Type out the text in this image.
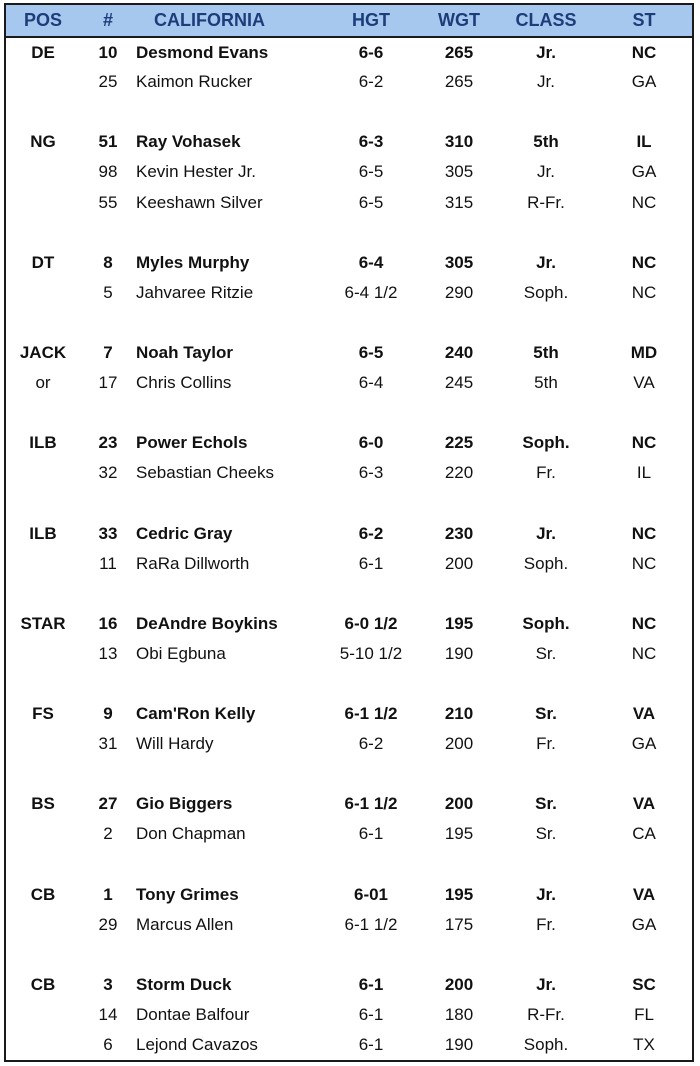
POS	#	CALIFORNIA	HGT	WGT	CLASS	ST
DE	10	Desmond Evans	6-6	265	Jr.	NC
	25	Kaimon Rucker	6-2	265	Jr.	GA

NG	51	Ray Vohasek	6-3	310	5th	IL
	98	Kevin Hester Jr.	6-5	305	Jr.	GA
	55	Keeshawn Silver	6-5	315	R-Fr.	NC

DT	8	Myles Murphy	6-4	305	Jr.	NC
	5	Jahvaree Ritzie	6-4 1/2	290	Soph.	NC

JACK	7	Noah Taylor	6-5	240	5th	MD
or	17	Chris Collins	6-4	245	5th	VA

ILB	23	Power Echols	6-0	225	Soph.	NC
	32	Sebastian Cheeks	6-3	220	Fr.	IL

ILB	33	Cedric Gray	6-2	230	Jr.	NC
	11	RaRa Dillworth	6-1	200	Soph.	NC

STAR	16	DeAndre Boykins	6-0 1/2	195	Soph.	NC
	13	Obi Egbuna	5-10 1/2	190	Sr.	NC

FS	9	Cam'Ron Kelly	6-1 1/2	210	Sr.	VA
	31	Will Hardy	6-2	200	Fr.	GA

BS	27	Gio Biggers	6-1 1/2	200	Sr.	VA
	2	Don Chapman	6-1	195	Sr.	CA

CB	1	Tony Grimes	6-01	195	Jr.	VA
	29	Marcus Allen	6-1 1/2	175	Fr.	GA

CB	3	Storm Duck	6-1	200	Jr.	SC
	14	Dontae Balfour	6-1	180	R-Fr.	FL
	6	Lejond Cavazos	6-1	190	Soph.	TX
